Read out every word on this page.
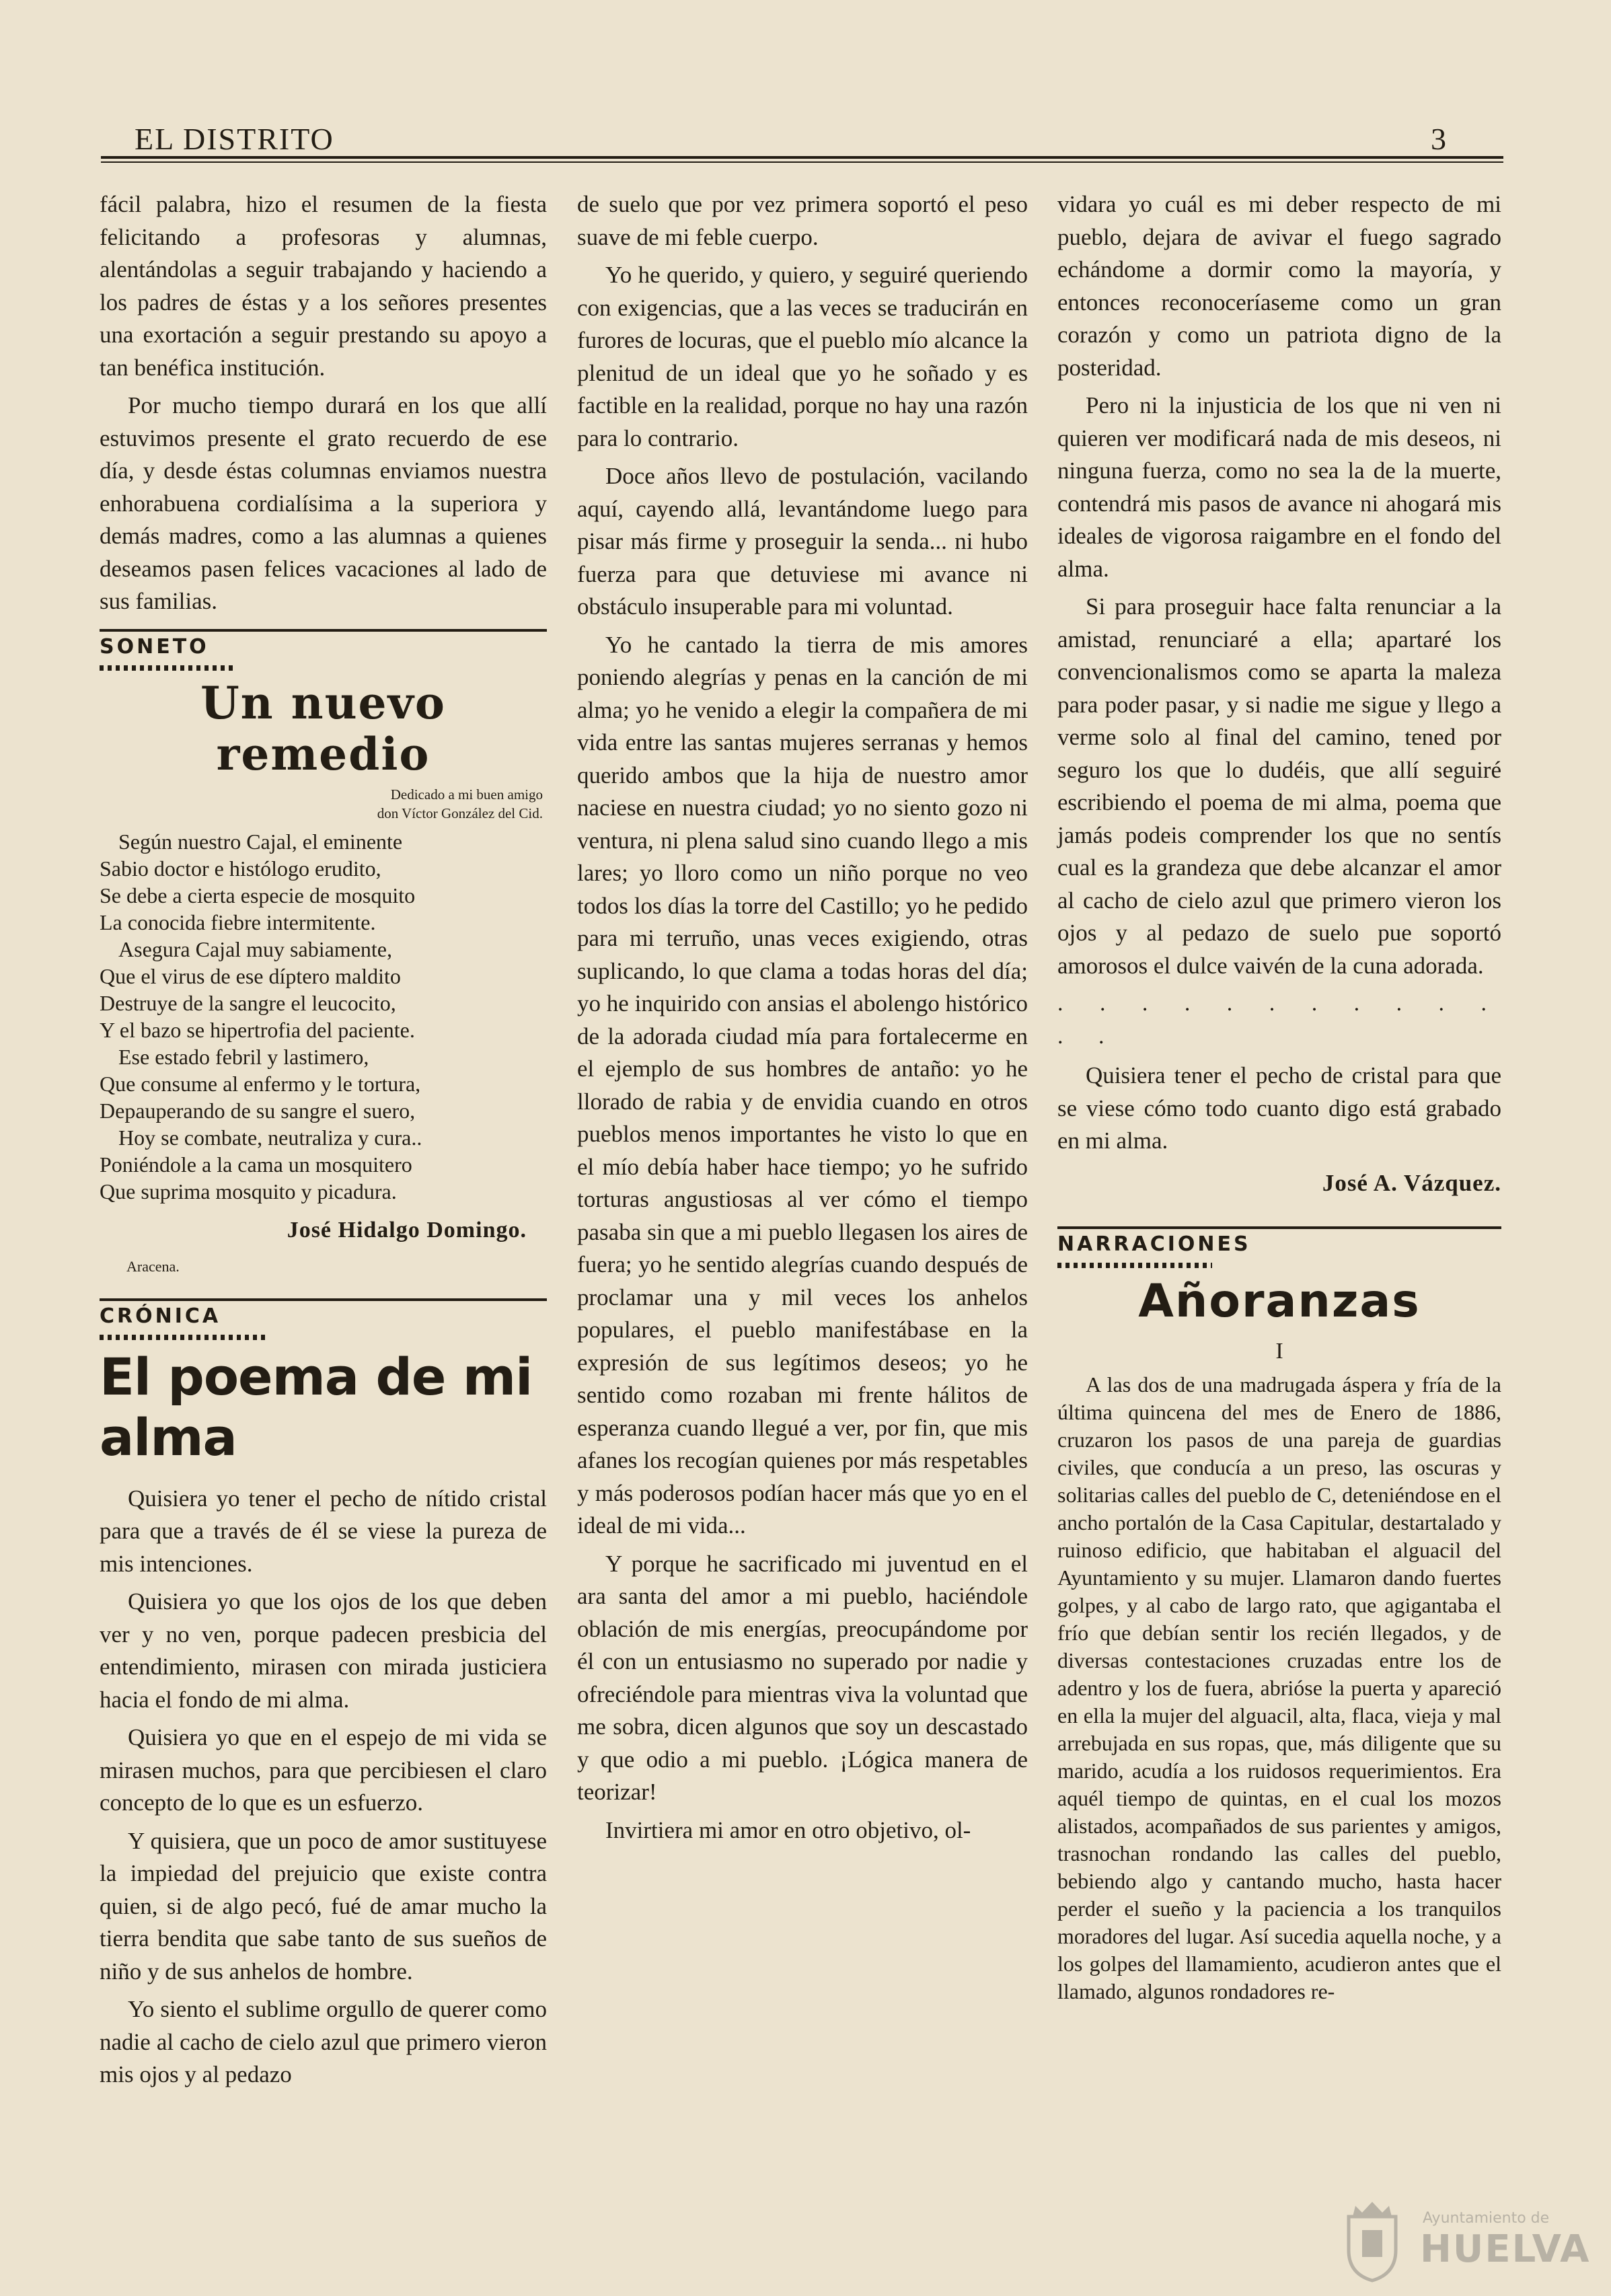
EL DISTRITO	3

fácil palabra, hizo el resumen de la fiesta felicitando a profesoras y alumnas, alentándolas a seguir trabajando y haciendo a los padres de éstas y a los señores presentes una exortación a seguir prestando su apoyo a tan benéfica institución.

Por mucho tiempo durará en los que allí estuvimos presente el grato recuerdo de ese día, y desde éstas columnas enviamos nuestra enhorabuena cordialísima a la superiora y demás madres, como a las alumnas a quienes deseamos pasen felices vacaciones al lado de sus familias.

SONETO

Un nuevo remedio
Dedicado a mi buen amigo
don Víctor González del Cid.
Según nuestro Cajal, el eminente
Sabio doctor e histólogo erudito,
Se debe a cierta especie de mosquito
La conocida fiebre intermitente.
Asegura Cajal muy sabiamente,
Que el virus de ese díptero maldito
Destruye de la sangre el leucocito,
Y el bazo se hipertrofia del paciente.
Ese estado febril y lastimero,
Que consume al enfermo y le tortura,
Depauperando de su sangre el suero,
Hoy se combate, neutraliza y cura..
Poniéndole a la cama un mosquitero
Que suprima mosquito y picadura.
José Hidalgo Domingo.
Aracena.

CRÓNICA

El poema de mi alma

Quisiera yo tener el pecho de nítido cristal para que a través de él se viese la pureza de mis intenciones.

Quisiera yo que los ojos de los que deben ver y no ven, porque padecen presbicia del entendimiento, mirasen con mirada justiciera hacia el fondo de mi alma.

Quisiera yo que en el espejo de mi vida se mirasen muchos, para que percibiesen el claro concepto de lo que es un esfuerzo.

Y quisiera, que un poco de amor sustituyese la impiedad del prejuicio que existe contra quien, si de algo pecó, fué de amar mucho la tierra bendita que sabe tanto de sus sueños de niño y de sus anhelos de hombre.

Yo siento el sublime orgullo de querer como nadie al cacho de cielo azul que primero vieron mis ojos y al pedazo

de suelo que por vez primera soportó el peso suave de mi feble cuerpo.

Yo he querido, y quiero, y seguiré queriendo con exigencias, que a las veces se traducirán en furores de locuras, que el pueblo mío alcance la plenitud de un ideal que yo he soñado y es factible en la realidad, porque no hay una razón para lo contrario.

Doce años llevo de postulación, vacilando aquí, cayendo allá, levantándome luego para pisar más firme y proseguir la senda... ni hubo fuerza para que detuviese mi avance ni obstáculo insuperable para mi voluntad.

Yo he cantado la tierra de mis amores poniendo alegrías y penas en la canción de mi alma; yo he venido a elegir la compañera de mi vida entre las santas mujeres serranas y hemos querido ambos que la hija de nuestro amor naciese en nuestra ciudad; yo no siento gozo ni ventura, ni plena salud sino cuando llego a mis lares; yo lloro como un niño porque no veo todos los días la torre del Castillo; yo he pedido para mi terruño, unas veces exigiendo, otras suplicando, lo que clama a todas horas del día; yo he inquirido con ansias el abolengo histórico de la adorada ciudad mía para fortalecerme en el ejemplo de sus hombres de antaño: yo he llorado de rabia y de envidia cuando en otros pueblos menos importantes he visto lo que en el mío debía haber hace tiempo; yo he sufrido torturas angustiosas al ver cómo el tiempo pasaba sin que a mi pueblo llegasen los aires de fuera; yo he sentido alegrías cuando después de proclamar una y mil veces los anhelos populares, el pueblo manifestábase en la expresión de sus legítimos deseos; yo he sentido como rozaban mi frente hálitos de esperanza cuando llegué a ver, por fin, que mis afanes los recogían quienes por más respetables y más poderosos podían hacer más que yo en el ideal de mi vida...

Y porque he sacrificado mi juventud en el ara santa del amor a mi pueblo, haciéndole oblación de mis energías, preocupándome por él con un entusiasmo no superado por nadie y ofreciéndole para mientras viva la voluntad que me sobra, dicen algunos que soy un descastado y que odio a mi pueblo. ¡Lógica manera de teorizar!

Invirtiera mi amor en otro objetivo, ol-

vidara yo cuál es mi deber respecto de mi pueblo, dejara de avivar el fuego sagrado echándome a dormir como la mayoría, y entonces reconoceríaseme como un gran corazón y como un patriota digno de la posteridad.

Pero ni la injusticia de los que ni ven ni quieren ver modificará nada de mis deseos, ni ninguna fuerza, como no sea la de la muerte, contendrá mis pasos de avance ni ahogará mis ideales de vigorosa raigambre en el fondo del alma.

Si para proseguir hace falta renunciar a la amistad, renunciaré a ella; apartaré los convencionalismos como se aparta la maleza para poder pasar, y si nadie me sigue y llego a verme solo al final del camino, tened por seguro los que lo dudéis, que allí seguiré escribiendo el poema de mi alma, poema que jamás podeis comprender los que no sentís cual es la grandeza que debe alcanzar el amor al cacho de cielo azul que primero vieron los ojos y al pedazo de suelo pue soportó amorosos el dulce vaivén de la cuna adorada.

. . . . . . . . . . . . .

Quisiera tener el pecho de cristal para que se viese cómo todo cuanto digo está grabado en mi alma.

José A. Vázquez.

NARRACIONES

Añoranzas
I

A las dos de una madrugada áspera y fría de la última quincena del mes de Enero de 1886, cruzaron los pasos de una pareja de guardias civiles, que conducía a un preso, las oscuras y solitarias calles del pueblo de C, deteniéndose en el ancho portalón de la Casa Capitular, destartalado y ruinoso edificio, que habitaban el alguacil del Ayuntamiento y su mujer. Llamaron dando fuertes golpes, y al cabo de largo rato, que agigantaba el frío que debían sentir los recién llegados, y de diversas contestaciones cruzadas entre los de adentro y los de fuera, abrióse la puerta y apareció en ella la mujer del alguacil, alta, flaca, vieja y mal arrebujada en sus ropas, que, más diligente que su marido, acudía a los ruidosos requerimientos. Era aquél tiempo de quintas, en el cual los mozos alistados, acompañados de sus parientes y amigos, trasnochan rondando las calles del pueblo, bebiendo algo y cantando mucho, hasta hacer perder el sueño y la paciencia a los tranquilos moradores del lugar. Así sucedia aquella noche, y a los golpes del llamamiento, acudieron antes que el llamado, algunos rondadores re-

Ayuntamiento de
HUELVA
